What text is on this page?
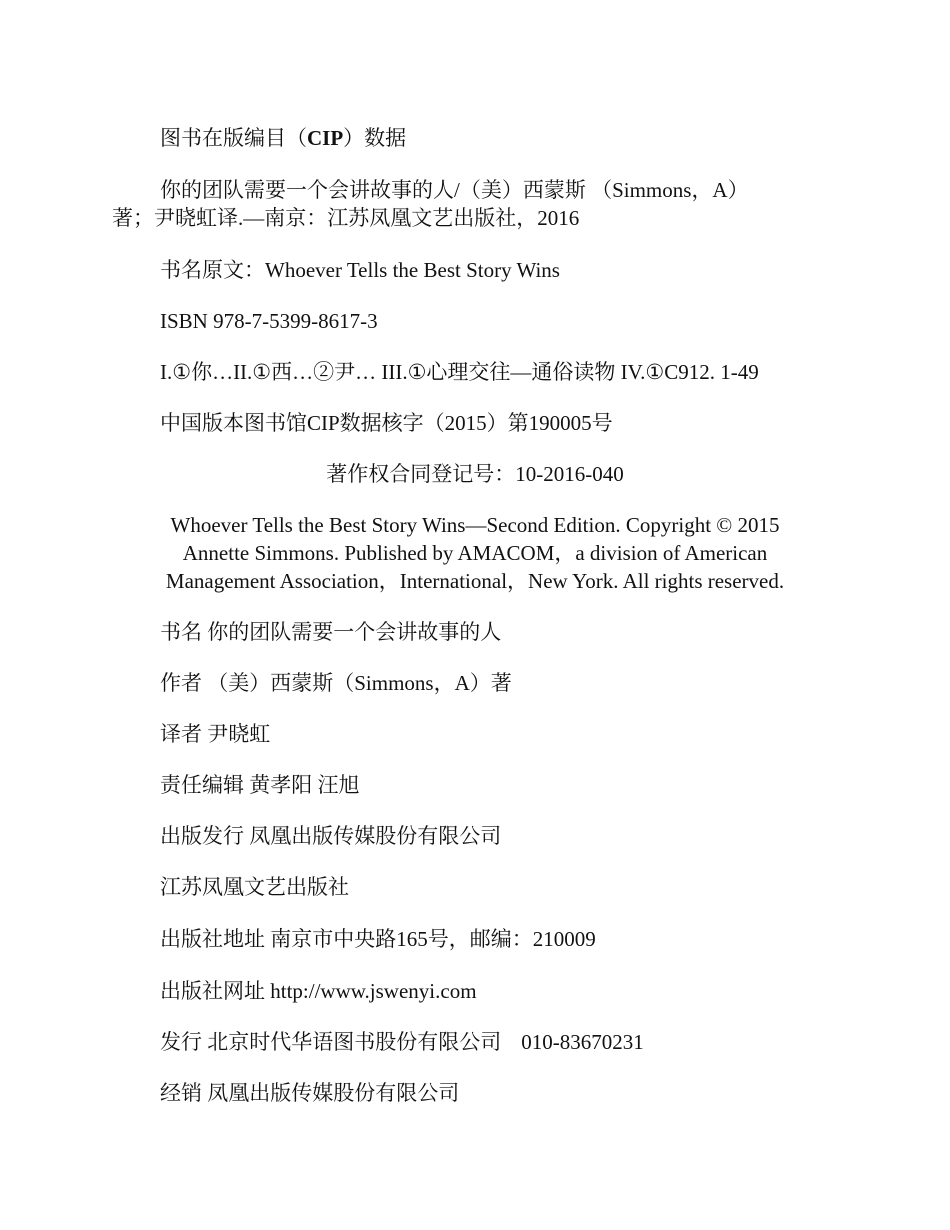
图书在版编目（CIP）数据
你的团队需要一个会讲故事的人/（美）西蒙斯 （Simmons，A）
著；尹晓虹译.—南京：江苏凤凰文艺出版社，2016
书名原文：Whoever Tells the Best Story Wins
ISBN 978-7-5399-8617-3
I.①你…II.①西…②尹… III.①心理交往—通俗读物 IV.①C912. 1-49
中国版本图书馆CIP数据核字（2015）第190005号
著作权合同登记号：10-2016-040
Whoever Tells the Best Story Wins—Second Edition. Copyright © 2015
Annette Simmons. Published by AMACOM，a division of American
Management Association，International，New York. All rights reserved.
书名 你的团队需要一个会讲故事的人
作者 （美）西蒙斯（Simmons，A）著
译者 尹晓虹
责任编辑 黄孝阳 汪旭
出版发行 凤凰出版传媒股份有限公司
江苏凤凰文艺出版社
出版社地址 南京市中央路165号，邮编：210009
出版社网址 http://www.jswenyi.com
发行 北京时代华语图书股份有限公司 010-83670231
经销 凤凰出版传媒股份有限公司
